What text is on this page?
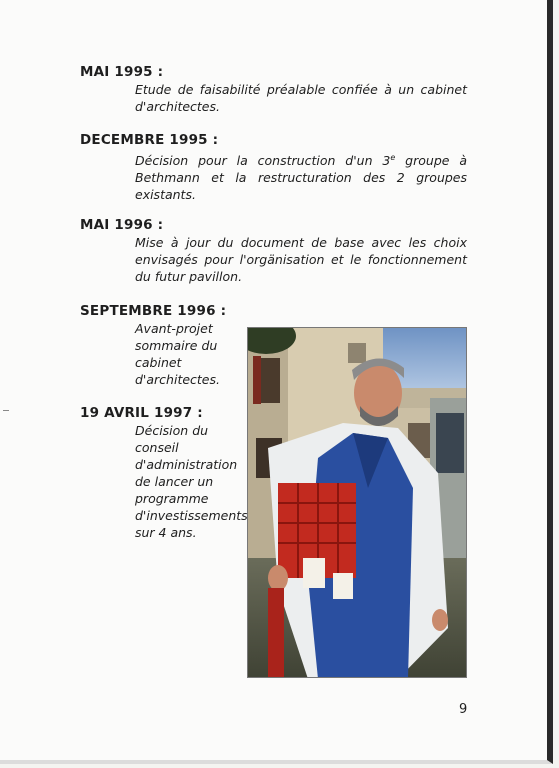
MAI 1995 :

Etude de faisabilité préalable confiée à un cabinet d'architectes.

DECEMBRE 1995 :

Décision pour la construction d'un 3e groupe à Bethmann et la restructuration des 2 groupes existants.

MAI 1996 :

Mise à jour du document de base avec les choix envisagés pour l'orgänisation et le fonctionnement du futur pavillon.

SEPTEMBRE 1996 :

Avant-projet sommaire du cabinet d'architectes.

19 AVRIL 1997 :

Décision du conseil d'administration de lancer un programme d'investissements sur 4 ans.

9
